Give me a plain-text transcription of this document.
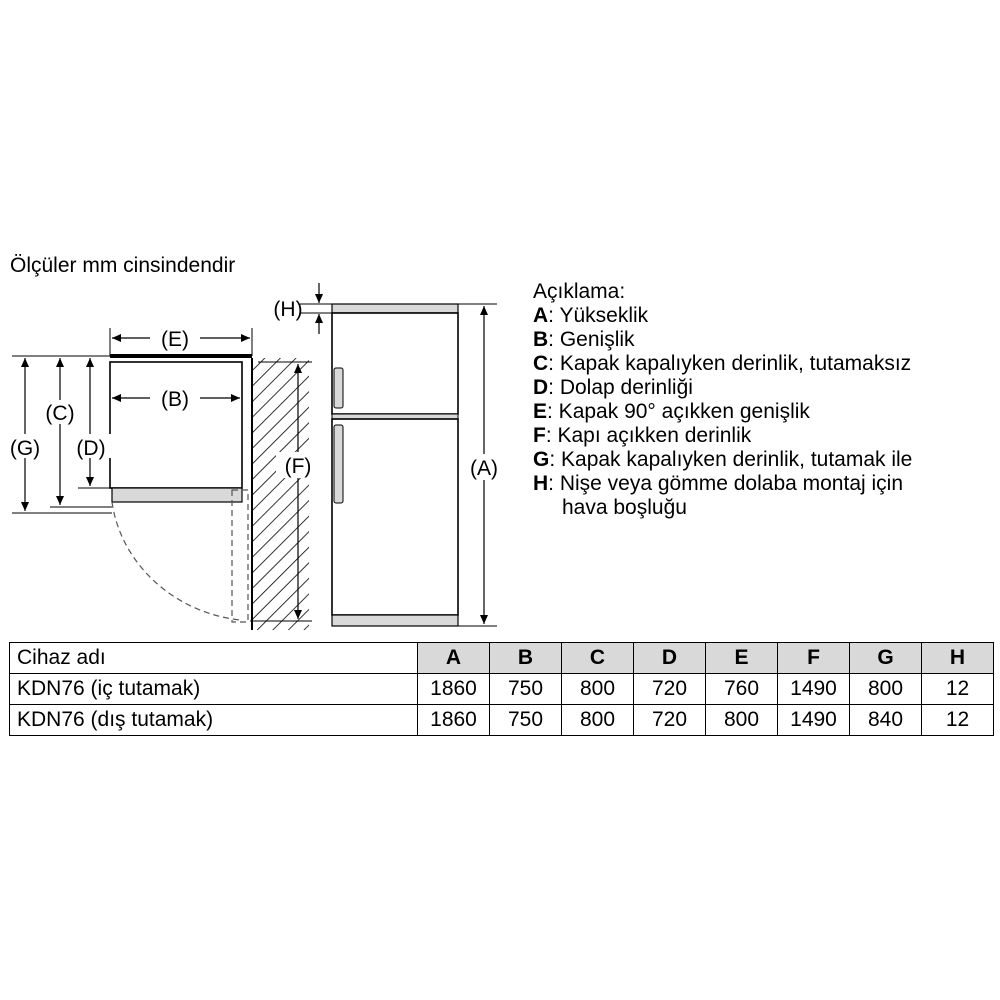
(E)
(B)
(G)
(C)
(D)
(F)
(H)
(A)
Ölçüler mm cinsindendir
Açıklama:
A : Yükseklik
B : Genişlik
C : Kapak kapalıyken derinlik, tutamaksız
D : Dolap derinliği
E : Kapak 90° açıkken genişlik
F : Kapı açıkken derinlik
G : Kapak kapalıyken derinlik, tutamak ile
H : Nişe veya gömme dolaba montaj için
hava boşluğu
Cihaz adı	A	B	C	D	E	F	G	H
KDN76 (iç tutamak)	1860	750	800	720	760	1490	800	12
KDN76 (dış tutamak)	1860	750	800	720	800	1490	840	12
